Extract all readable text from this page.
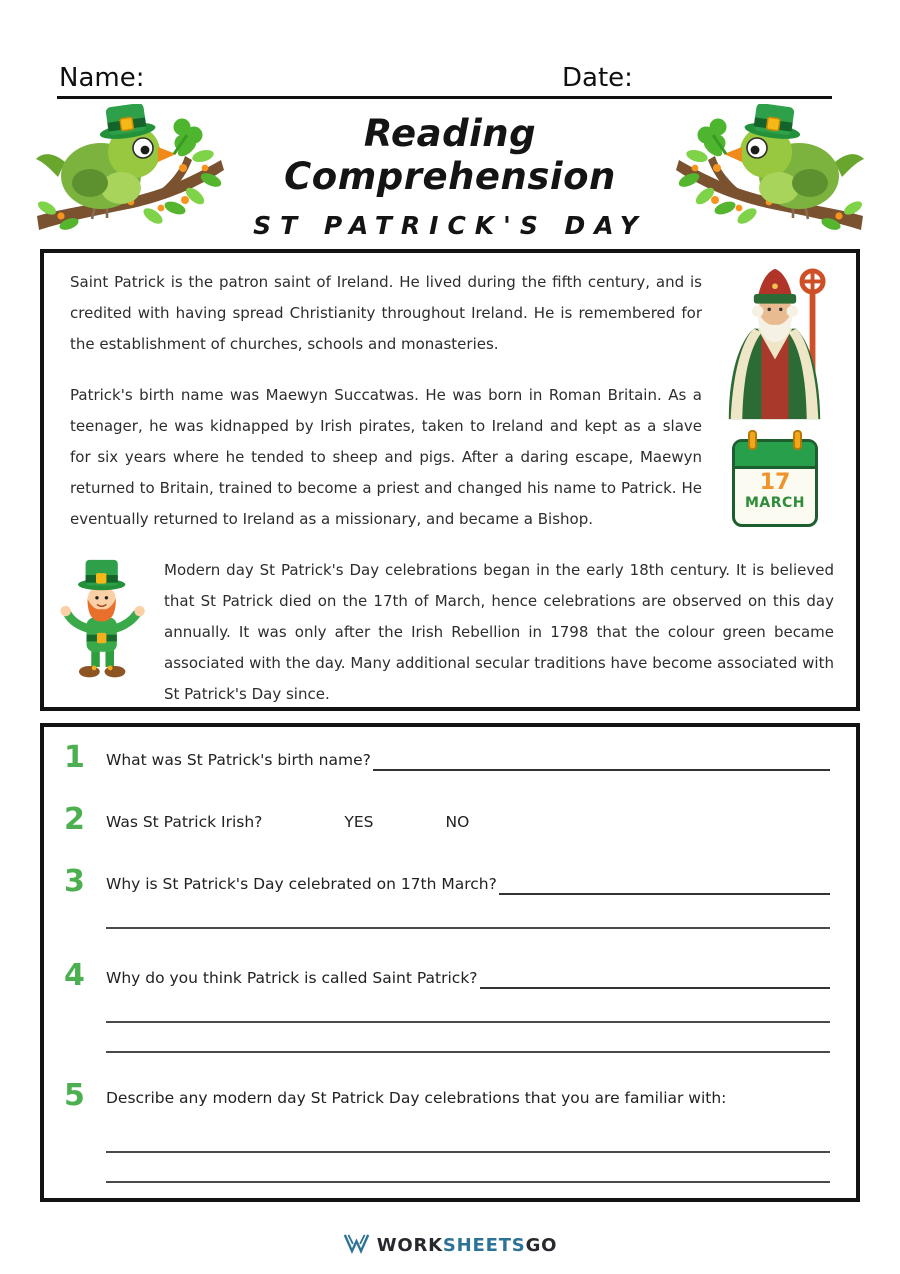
Name:	Date:
Reading Comprehension
ST PATRICK'S DAY
17
MARCH

Saint Patrick is the patron saint of Ireland. He lived during the fifth century, and is credited with having spread Christianity throughout Ireland. He is remembered for the establishment of churches, schools and monasteries.

Patrick's birth name was Maewyn Succatwas. He was born in Roman Britain. As a teenager, he was kidnapped by Irish pirates, taken to Ireland and kept as a slave for six years where he tended to sheep and pigs. After a daring escape, Maewyn returned to Britain, trained to become a priest and changed his name to Patrick. He eventually returned to Ireland as a missionary, and became a Bishop.

Modern day St Patrick's Day celebrations began in the early 18th century. It is believed that St Patrick died on the 17th of March, hence celebrations are observed on this day annually. It was only after the Irish Rebellion in 1798 that the colour green became associated with the day. Many additional secular traditions have become associated with St Patrick's Day since.

1	What was St Patrick's birth name?
2	Was St Patrick Irish?	YES	NO
3	Why is St Patrick's Day celebrated on 17th March?
4	Why do you think Patrick is called Saint Patrick?
5	Describe any modern day St Patrick Day celebrations that you are familiar with:
WORKSHEETSGO
